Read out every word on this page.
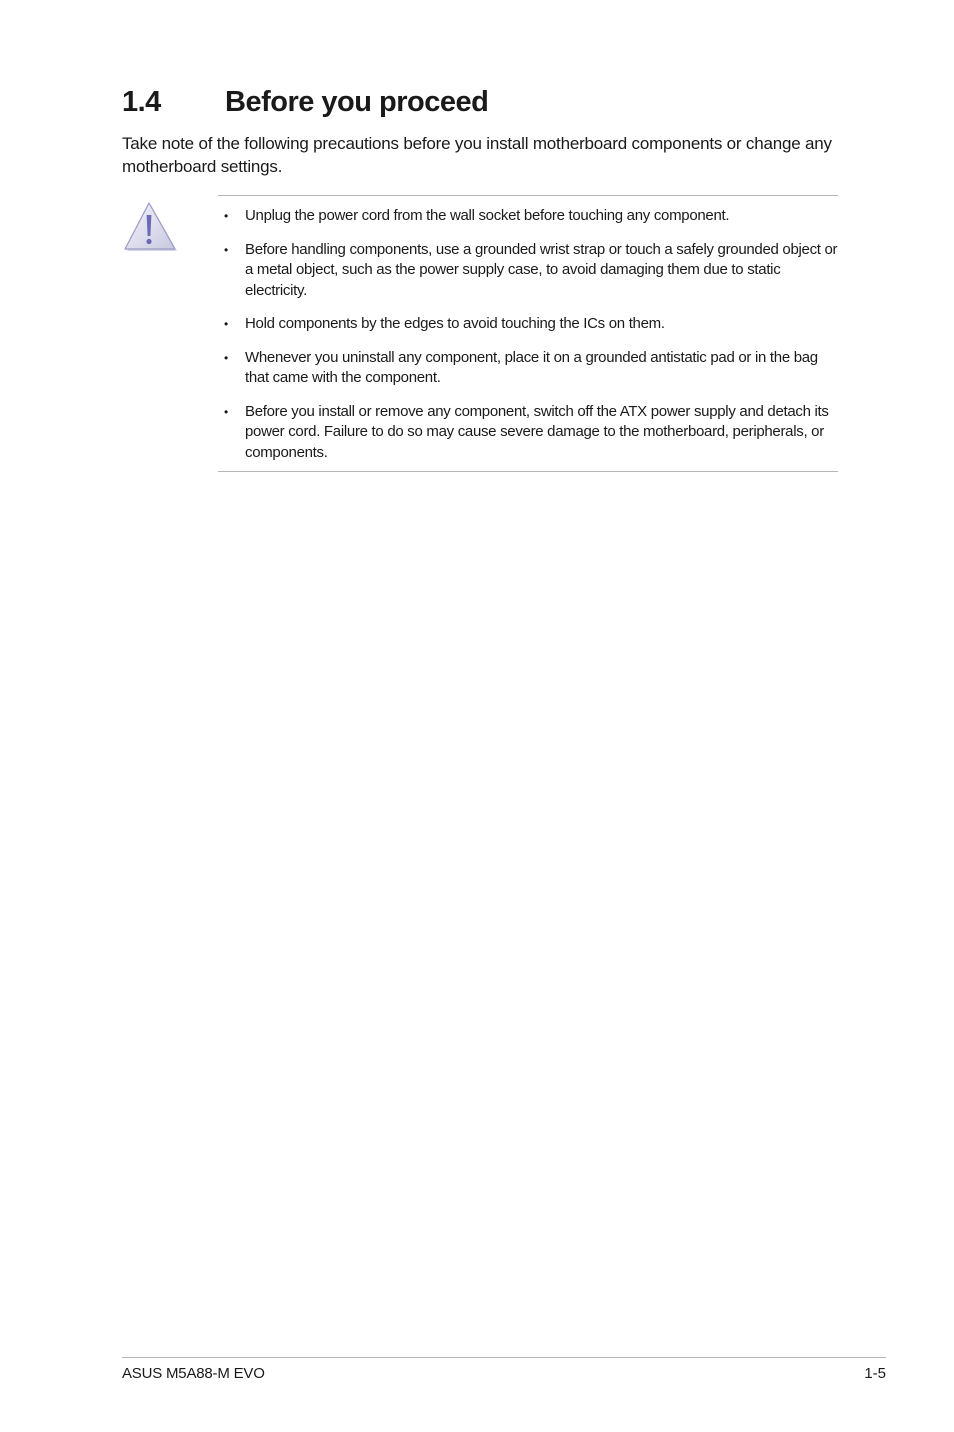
1.4 Before you proceed

Take note of the following precautions before you install motherboard components or change any motherboard settings.

• Unplug the power cord from the wall socket before touching any component.
• Before handling components, use a grounded wrist strap or touch a safely grounded object or a metal object, such as the power supply case, to avoid damaging them due to static electricity.
• Hold components by the edges to avoid touching the ICs on them.
• Whenever you uninstall any component, place it on a grounded antistatic pad or in the bag that came with the component.
• Before you install or remove any component, switch off the ATX power supply and detach its power cord. Failure to do so may cause severe damage to the motherboard, peripherals, or components.
ASUS M5A88-M EVO	1-5
